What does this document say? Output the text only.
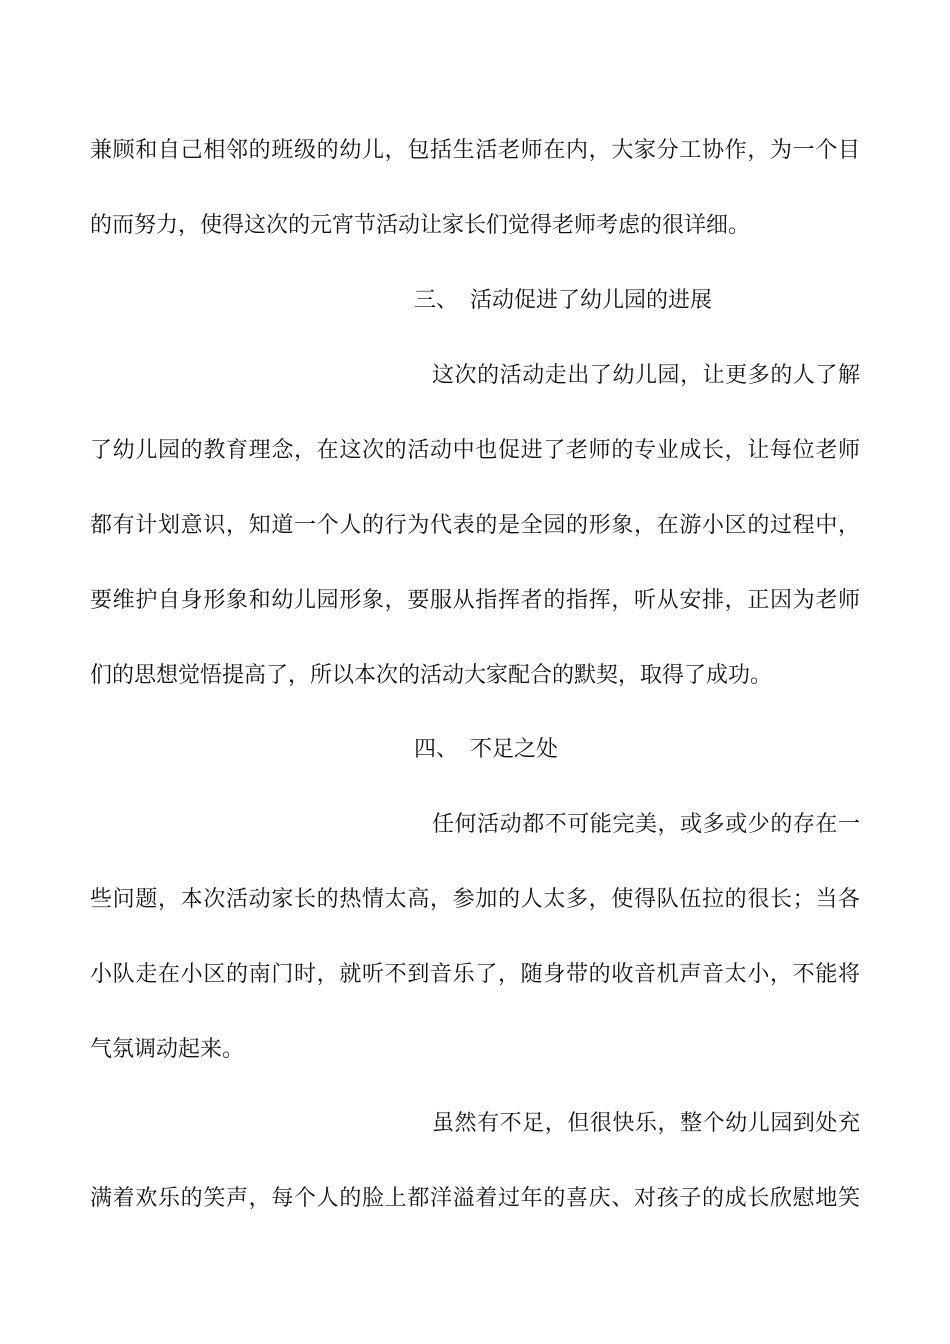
兼顾和自己相邻的班级的幼儿，包括生活老师在内，大家分工协作，为一个目
的而努力，使得这次的元宵节活动让家长们觉得老师考虑的很详细。
三、 活动促进了幼儿园的进展
这次的活动走出了幼儿园，让更多的人了解
了幼儿园的教育理念，在这次的活动中也促进了老师的专业成长，让每位老师
都有计划意识，知道一个人的行为代表的是全园的形象，在游小区的过程中，
要维护自身形象和幼儿园形象，要服从指挥者的指挥，听从安排，正因为老师
们的思想觉悟提高了，所以本次的活动大家配合的默契，取得了成功。
四、 不足之处
任何活动都不可能完美，或多或少的存在一
些问题，本次活动家长的热情太高，参加的人太多，使得队伍拉的很长；当各
小队走在小区的南门时，就听不到音乐了，随身带的收音机声音太小，不能将
气氛调动起来。
虽然有不足，但很快乐，整个幼儿园到处充
满着欢乐的笑声，每个人的脸上都洋溢着过年的喜庆、对孩子的成长欣慰地笑
